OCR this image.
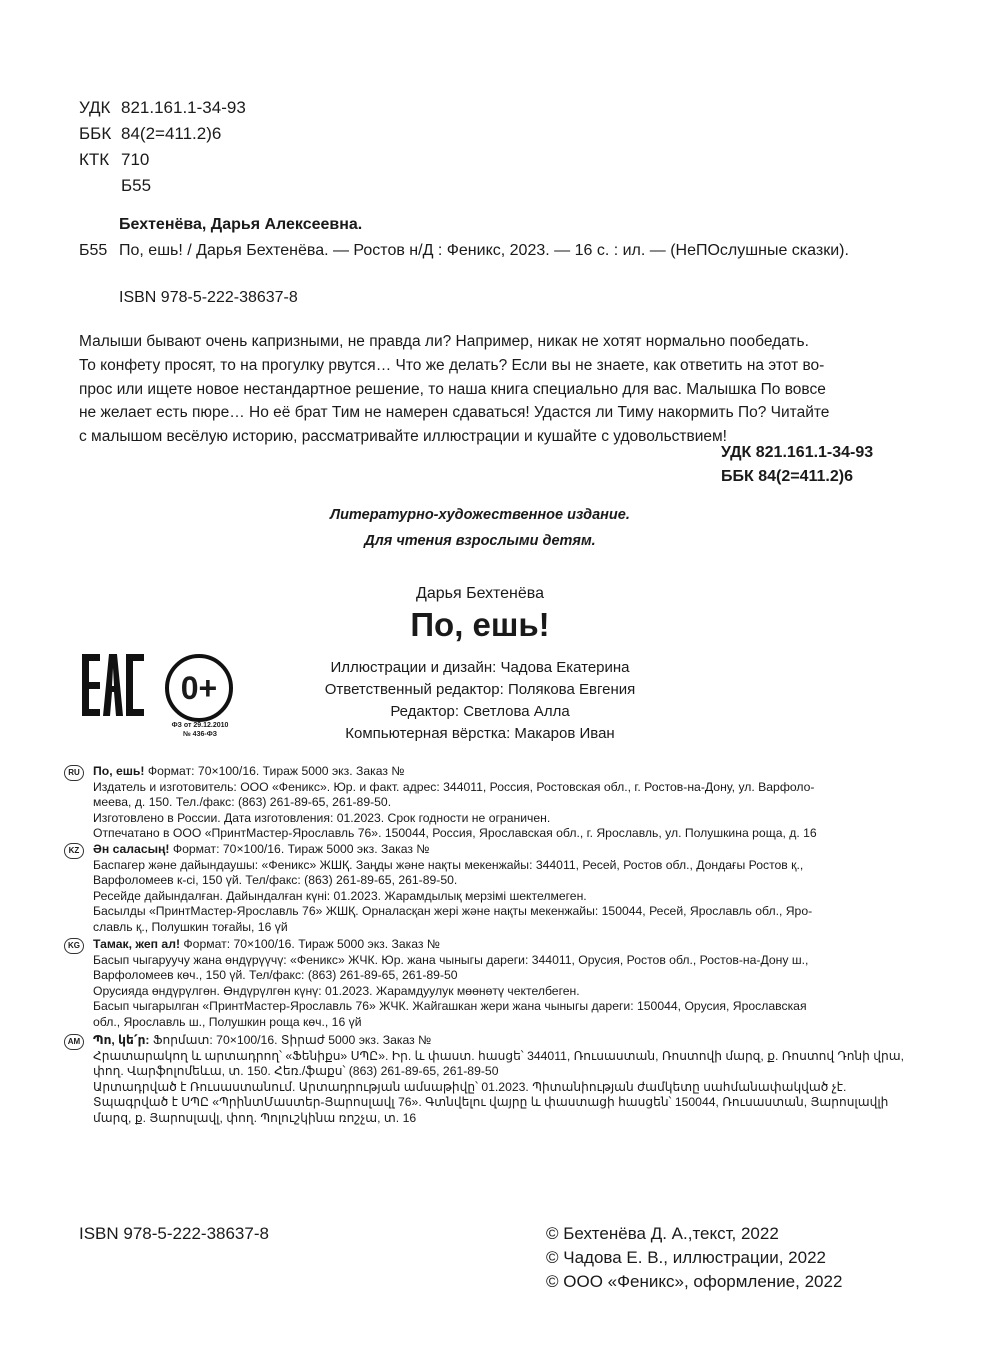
УДК 821.161.1-34-93
ББК 84(2=411.2)6
КТК 710
Б55
Бехтенёва, Дарья Алексеевна.
Б55 По, ешь! / Дарья Бехтенёва. — Ростов н/Д : Феникс, 2023. — 16 с. : ил. — (НеПОслушные сказки).
ISBN 978-5-222-38637-8
Малыши бывают очень капризными, не правда ли? Например, никак не хотят нормально пообедать.
То конфету просят, то на прогулку рвутся… Что же делать? Если вы не знаете, как ответить на этот во-
прос или ищете новое нестандартное решение, то наша книга специально для вас. Малышка По вовсе
не желает есть пюре… Но её брат Тим не намерен сдаваться! Удастся ли Тиму накормить По? Читайте
с малышом весёлую историю, рассматривайте иллюстрации и кушайте с удовольствием!
УДК 821.161.1-34-93
ББК 84(2=411.2)6
Литературно-художественное издание.
Для чтения взрослыми детям.
Дарья Бехтенёва
По, ешь!
0+
ФЗ от 29.12.2010
№ 436-ФЗ
Иллюстрации и дизайн: Чадова Екатерина
Ответственный редактор: Полякова Евгения
Редактор: Светлова Алла
Компьютерная вёрстка: Макаров Иван
RU	По, ешь! Формат: 70×100/16. Тираж 5000 экз. Заказ №
Издатель и изготовитель: ООО «Феникс». Юр. и факт. адрес: 344011, Россия, Ростовская обл., г. Ростов-на-Дону, ул. Варфоло-
меева, д. 150. Тел./факс: (863) 261-89-65, 261-89-50.
Изготовлено в России. Дата изготовления: 01.2023. Срок годности не ограничен.
Отпечатано в ООО «ПринтМастер-Ярославль 76». 150044, Россия, Ярославская обл., г. Ярославль, ул. Полушкина роща, д. 16
KZ	Ән саласың! Формат: 70×100/16. Тираж 5000 экз. Заказ №
Баспагер және дайындаушы: «Феникс» ЖШҚ. Заңды және нақты мекенжайы: 344011, Ресей, Ростов обл., Дондағы Ростов қ.,
Варфоломеев к-сі, 150 үй. Тел/факс: (863) 261-89-65, 261-89-50.
Ресейде дайындалған. Дайындалған күні: 01.2023. Жарамдылық мерзімі шектелмеген.
Басылды «ПринтМастер-Ярославль 76» ЖШҚ. Орналасқан жері және нақты мекенжайы: 150044, Ресей, Ярославль обл., Яро-
славль қ., Полушкин тоғайы, 16 үй
KG	Тамак, жеп ал! Формат: 70×100/16. Тираж 5000 экз. Заказ №
Басып чыгаруучу жана өндүрүүчү: «Феникс» ЖЧК. Юр. жана чыныгы дареги: 344011, Орусия, Ростов обл., Ростов-на-Дону ш.,
Варфоломеев көч., 150 үй. Тел/факс: (863) 261-89-65, 261-89-50
Орусияда өндүрүлгөн. Өндүрүлгөн күнү: 01.2023. Жарамдуулук мөөнөтү чектелбеген.
Басып чыгарылган «ПринтМастер-Ярославль 76» ЖЧК. Жайгашкан жери жана чыныгы дареги: 150044, Орусия, Ярославская
обл., Ярославль ш., Полушкин роща көч., 16 үй
AM	Պո, կե՛ր: Ֆորմատ: 70×100/16. Տիրաժ 5000 экз. Заказ №
Հրատարակող և արտադրող՝ «Ֆենիքս» ՍՊԸ». Իր. և փաստ. հասցե՝ 344011, Ռուսաստան, Ռոստովի մարզ, ք. Ռոստով Դոնի վրա,
փող. Վարֆոլոմեևա, տ. 150. Հեռ./ֆաքս՝ (863) 261-89-65, 261-89-50
Արտադրված է Ռուսաստանում. Արտադրության ամսաթիվը՝ 01.2023. Պիտանիության ժամկետը սահմանափակված չէ.
Տպագրված է ՍՊԸ «ՊրինտՄաստեր-Յարոսլավլ 76». Գտնվելու վայրը և փաստացի հասցեն՝ 150044, Ռուսաստան, Յարոսլավլի
մարզ, ք. Յարոսլավլ, փող. Պոլուշկինա ռոշչա, տ. 16
ISBN 978-5-222-38637-8	© Бехтенёва Д. А.,текст, 2022
© Чадова Е. В., иллюстрации, 2022
© ООО «Феникс», оформление, 2022
